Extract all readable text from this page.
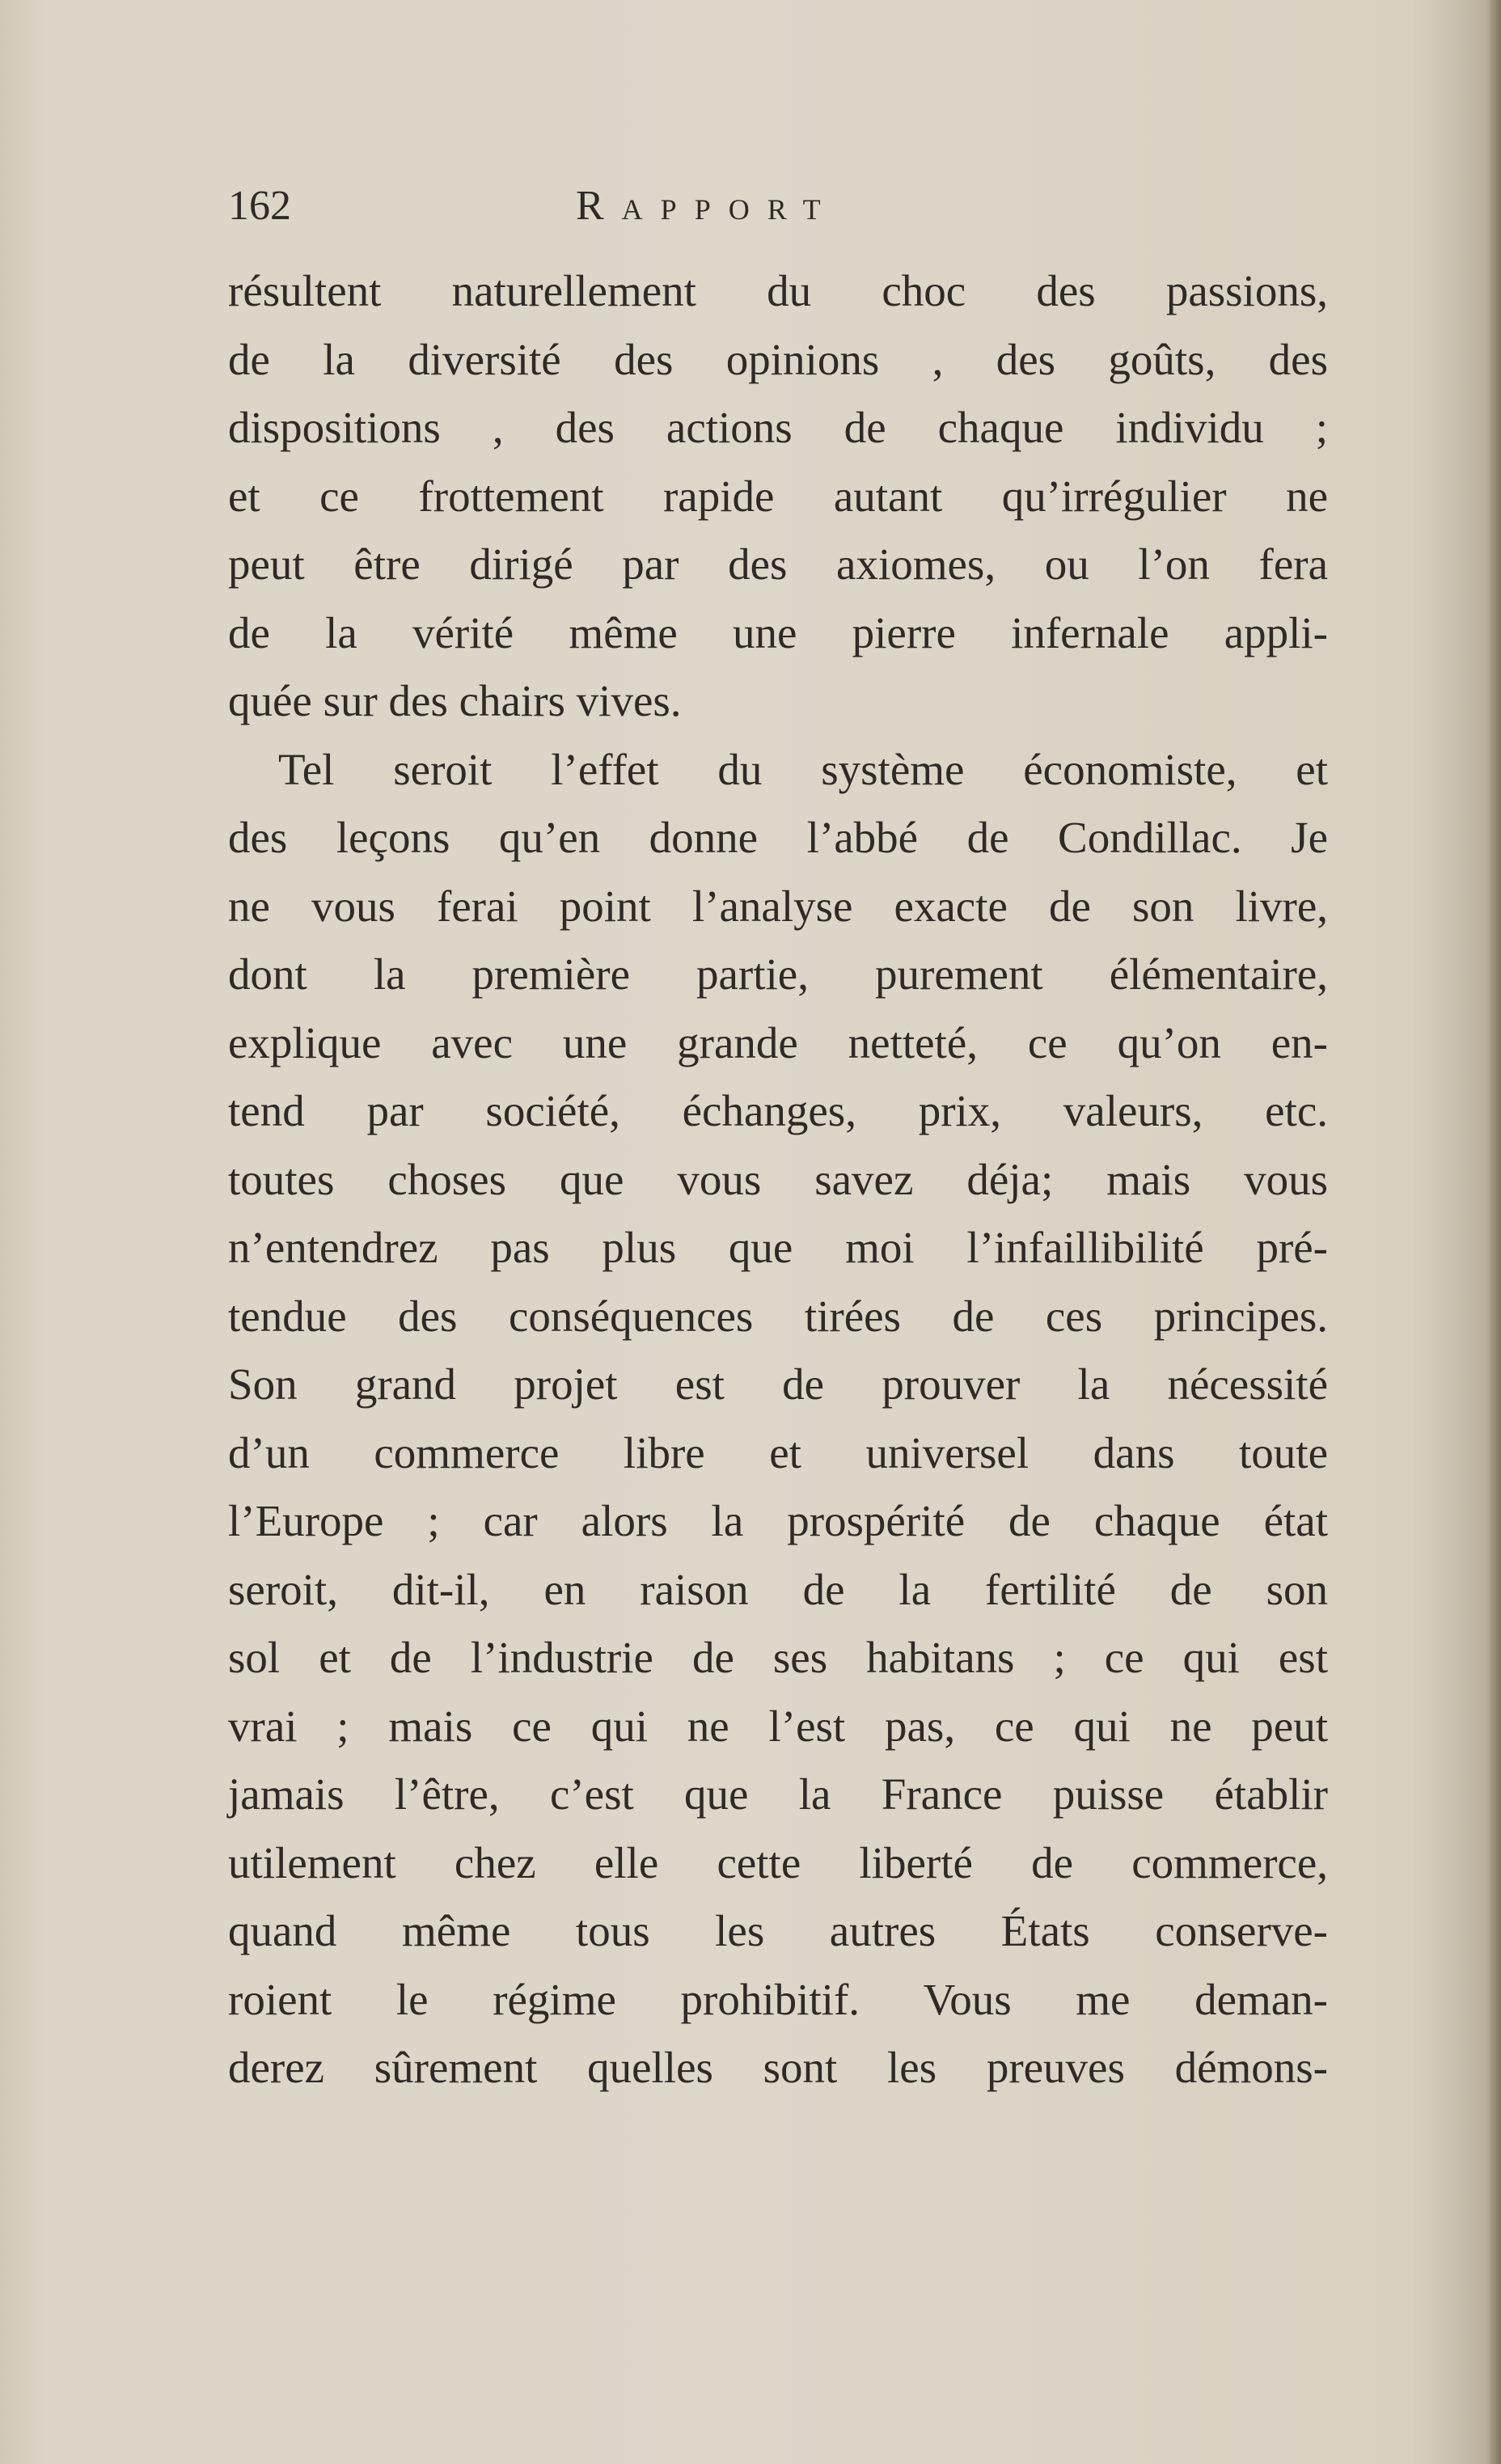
162	Rapport
résultent naturellement du choc des passions,
de la diversité des opinions , des goûts, des
dispositions , des actions de chaque individu ;
et ce frottement rapide autant qu’irrégulier ne
peut être dirigé par des axiomes, ou l’on fera
de la vérité même une pierre infernale appli-
quée sur des chairs vives.
Tel seroit l’effet du système économiste, et
des leçons qu’en donne l’abbé de Condillac. Je
ne vous ferai point l’analyse exacte de son livre,
dont la première partie, purement élémentaire,
explique avec une grande netteté, ce qu’on en-
tend par société, échanges, prix, valeurs, etc.
toutes choses que vous savez déja; mais vous
n’entendrez pas plus que moi l’infaillibilité pré-
tendue des conséquences tirées de ces principes.
Son grand projet est de prouver la nécessité
d’un commerce libre et universel dans toute
l’Europe ; car alors la prospérité de chaque état
seroit, dit-il, en raison de la fertilité de son
sol et de l’industrie de ses habitans ; ce qui est
vrai ; mais ce qui ne l’est pas, ce qui ne peut
jamais l’être, c’est que la France puisse établir
utilement chez elle cette liberté de commerce,
quand même tous les autres États conserve-
roient le régime prohibitif. Vous me deman-
derez sûrement quelles sont les preuves démons-
